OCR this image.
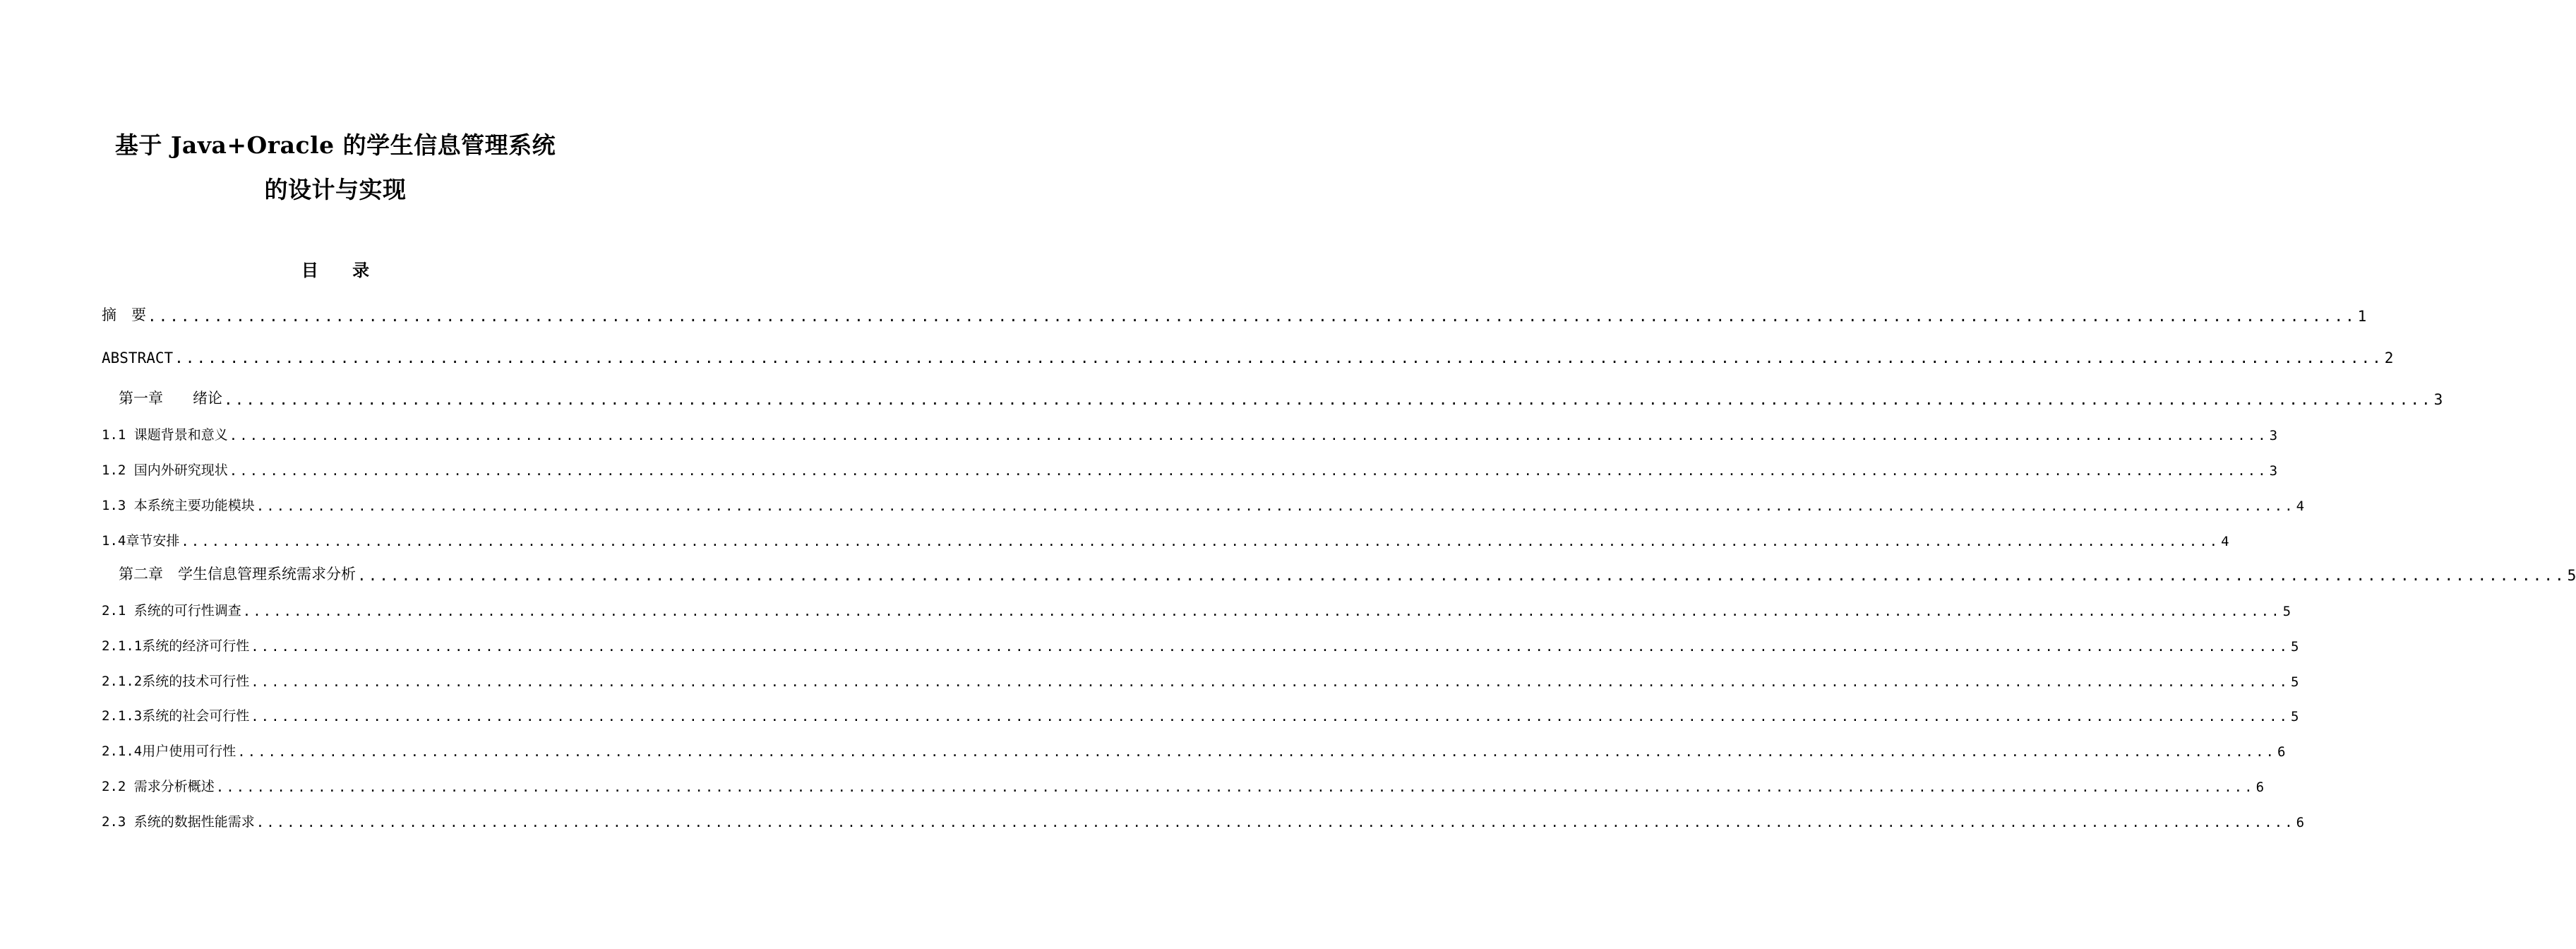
基于 Java+Oracle 的学生信息管理系统
的设计与实现
目 录
摘　要 ........................................................................................................................................................................................................ 1
ABSTRACT ........................................................................................................................................................................................................ 2
第一章　　绪论 ........................................................................................................................................................................................................ 3
1.1 课题背景和意义 ........................................................................................................................................................................................................ 3
1.2 国内外研究现状 ........................................................................................................................................................................................................ 3
1.3 本系统主要功能模块 ........................................................................................................................................................................................................ 4
1.4章节安排 ........................................................................................................................................................................................................ 4
第二章　学生信息管理系统需求分析 ........................................................................................................................................................................................................ 5
2.1 系统的可行性调查 ........................................................................................................................................................................................................ 5
2.1.1系统的经济可行性 ........................................................................................................................................................................................................ 5
2.1.2系统的技术可行性 ........................................................................................................................................................................................................ 5
2.1.3系统的社会可行性 ........................................................................................................................................................................................................ 5
2.1.4用户使用可行性 ........................................................................................................................................................................................................ 6
2.2 需求分析概述 ........................................................................................................................................................................................................ 6
2.3 系统的数据性能需求 ........................................................................................................................................................................................................ 6
